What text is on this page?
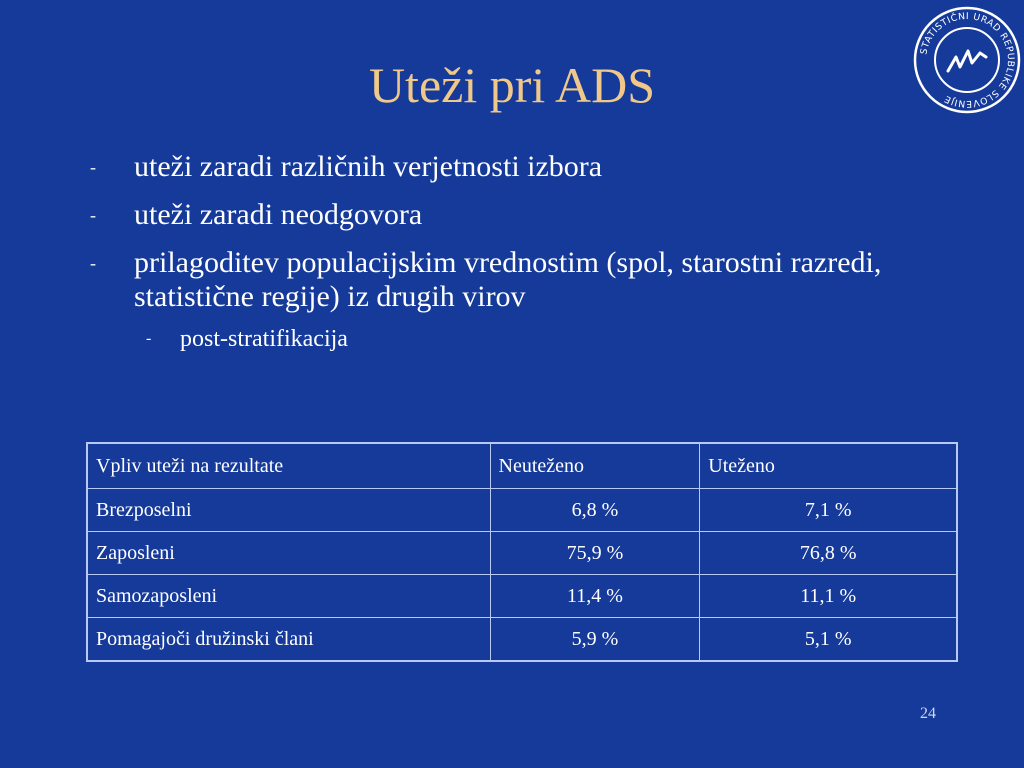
Uteži pri ADS
STATISTIČNI URAD REPUBLIKE SLOVENIJE
- uteži zaradi različnih verjetnosti izbora
- uteži zaradi neodgovora
- prilagoditev populacijskim vrednostim (spol, starostni razredi, statistične regije) iz drugih virov
- post-stratifikacija
Vpliv uteži na rezultate	Neuteženo	Uteženo
Brezposelni	6,8 %	7,1 %
Zaposleni	75,9 %	76,8 %
Samozaposleni	11,4 %	11,1 %
Pomagajoči družinski člani	5,9 %	5,1 %
24
